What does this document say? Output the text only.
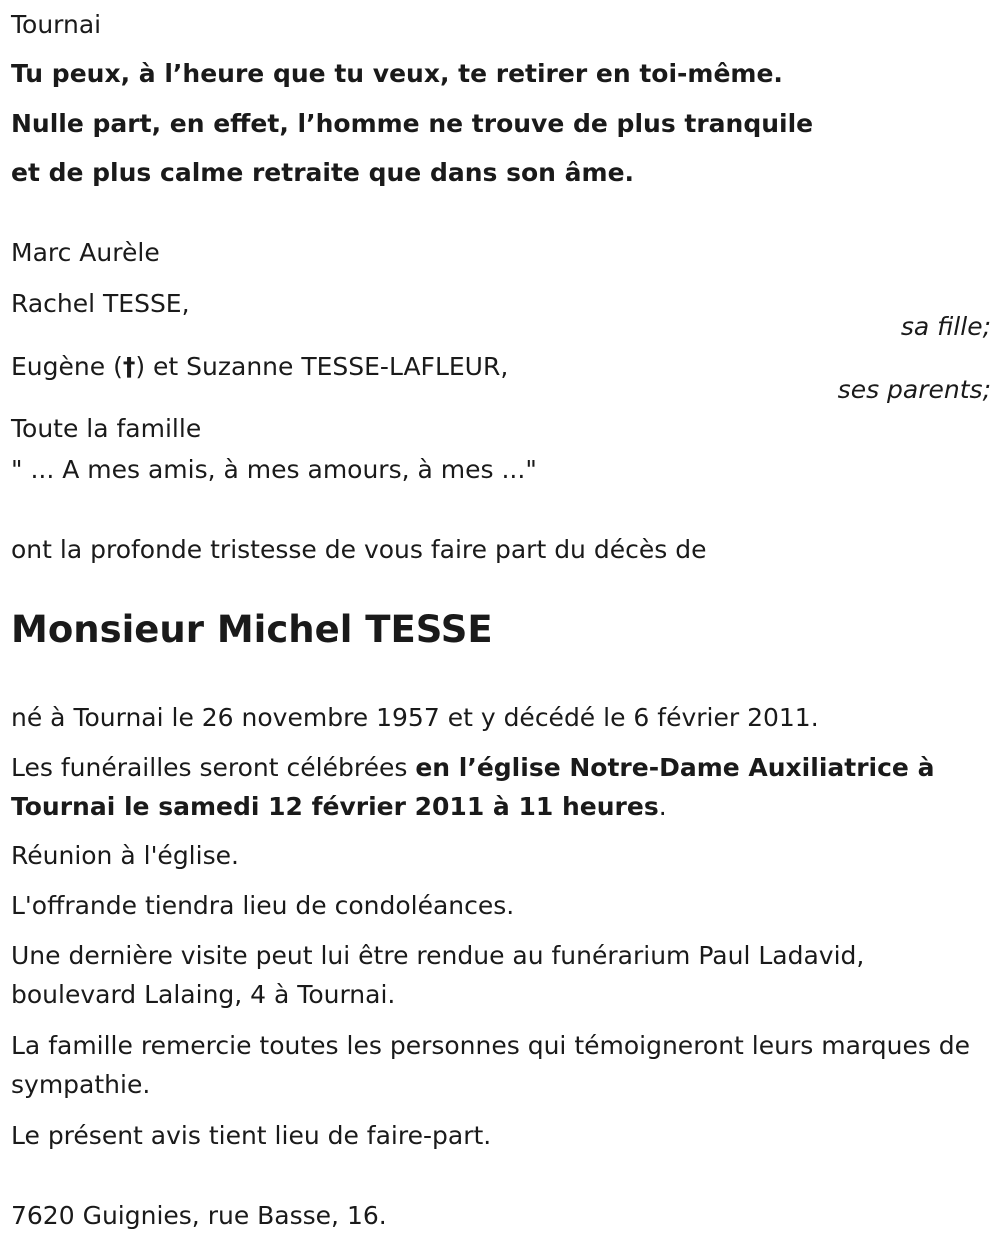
Tournai
Tu peux, à l’heure que tu veux, te retirer en toi-même.
Nulle part, en effet, l’homme ne trouve de plus tranquile
et de plus calme retraite que dans son âme.
Marc Aurèle
Rachel TESSE,
sa fille;
Eugène (†) et Suzanne TESSE-LAFLEUR,
ses parents;
Toute la famille
" ... A mes amis, à mes amours, à mes ..."
ont la profonde tristesse de vous faire part du décès de
Monsieur Michel TESSE
né à Tournai le 26 novembre 1957 et y décédé le 6 février 2011.
Les funérailles seront célébrées en l’église Notre-Dame Auxiliatrice à Tournai le samedi 12 février 2011 à 11 heures.
Réunion à l'église.
L'offrande tiendra lieu de condoléances.
Une dernière visite peut lui être rendue au funérarium Paul Ladavid, boulevard Lalaing, 4 à Tournai.
La famille remercie toutes les personnes qui témoigneront leurs marques de sympathie.
Le présent avis tient lieu de faire-part.
7620 Guignies, rue Basse, 16.
